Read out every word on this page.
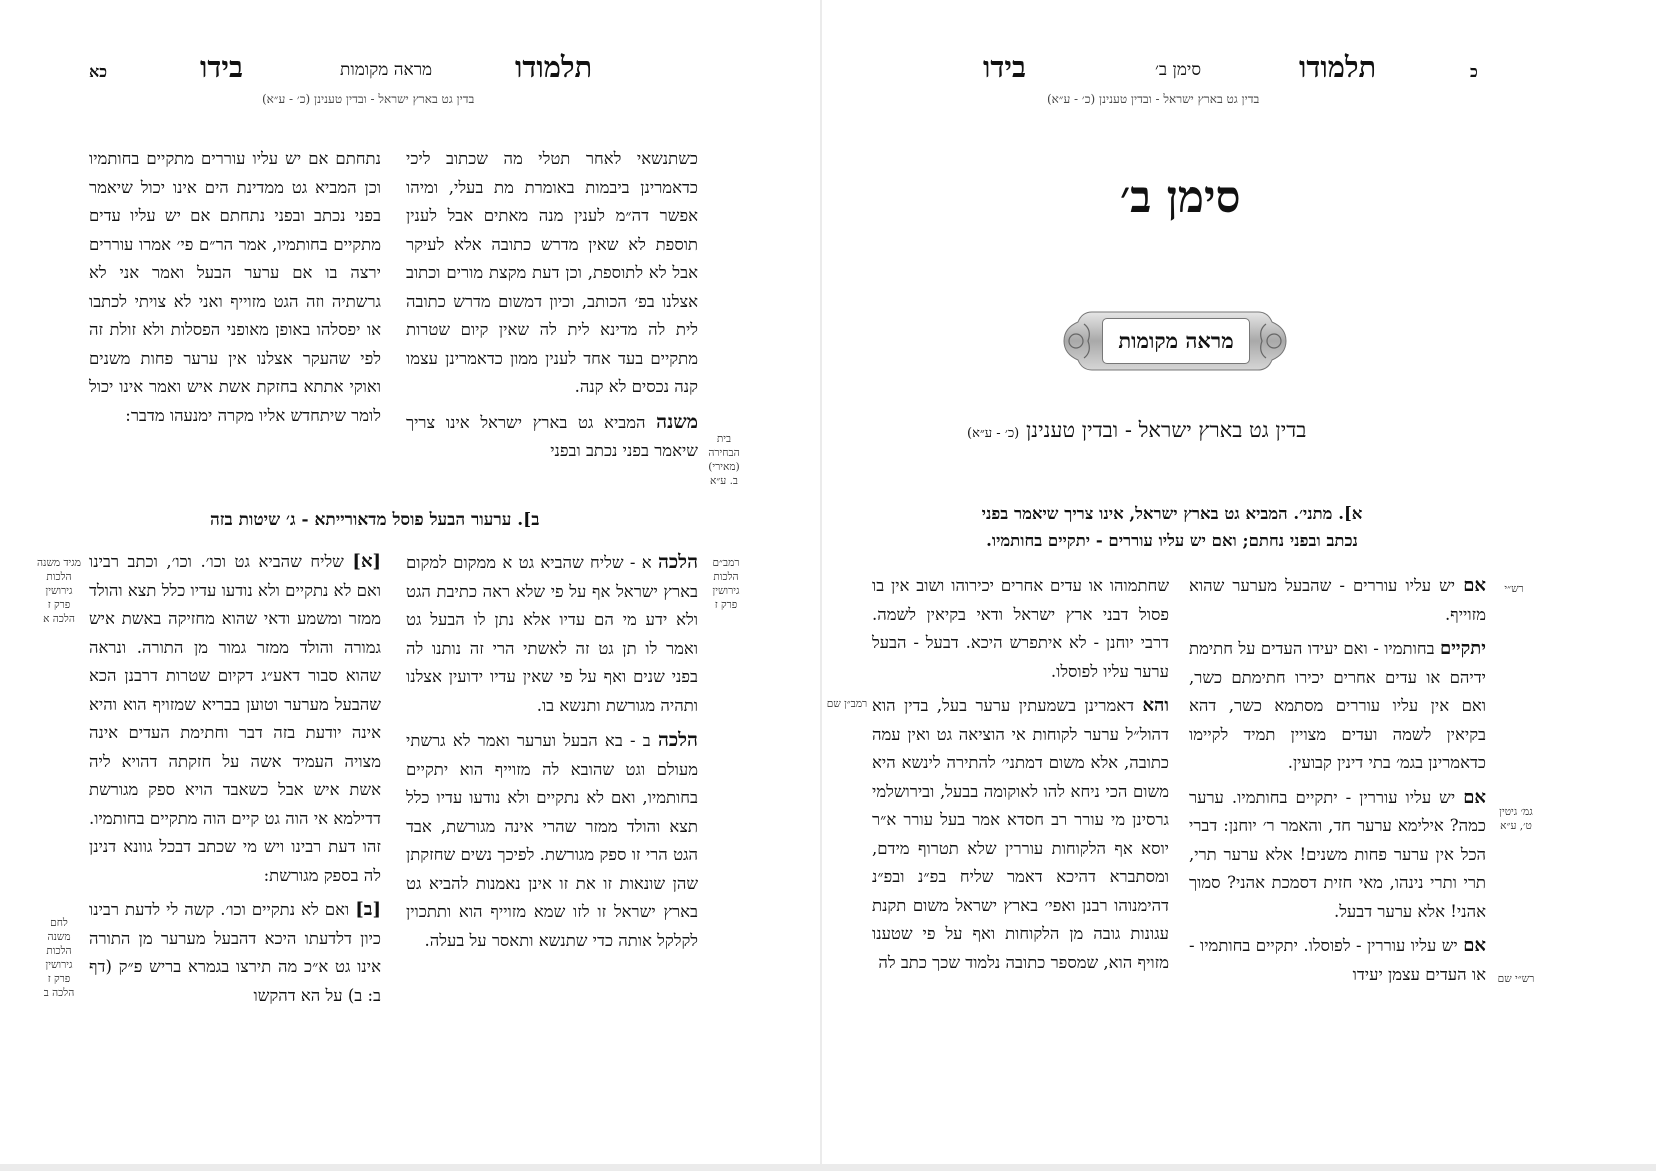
כא	בידו	מראה מקומות	תלמודו
בדין גט בארץ ישראל - ובדין טענינן (כ׳ - ע״א)

כשתנשאי לאחר תטלי מה שכתוב ליכי כדאמרינן ביבמות באומרת מת בעלי, ומיהו אפשר דה״מ לענין מנה מאתים אבל לענין תוספת לא שאין מדרש כתובה אלא לעיקר אבל לא לתוספת, וכן דעת מקצת מורים וכתוב אצלנו בפ׳ הכותב, וכיון דמשום מדרש כתובה לית לה מדינא לית לה שאין קיום שטרות מתקיים בעד אחד לענין ממון כדאמרינן עצמו קנה נכסים לא קנה.

משנה המביא גט בארץ ישראל אינו צריך שיאמר בפני נכתב ובפני

בית הבחירה (מאירי) ב. ע״א

נתחתם אם יש עליו עוררים מתקיים בחותמיו וכן המביא גט ממדינת הים אינו יכול שיאמר בפני נכתב ובפני נתחתם אם יש עליו עדים מתקיים בחותמיו, אמר הר״ם פי׳ אמרו עוררים ירצה בו אם ערער הבעל ואמר אני לא גרשתיה וזה הגט מזוייף ואני לא צויתי לכתבו או יפסלהו באופן מאופני הפסלות ולא זולת זה לפי שהעקר אצלנו אין ערער פחות משנים ואוקי אתתא בחזקת אשת איש ואמר אינו יכול לומר שיתחדש אליו מקרה ימנעהו מדבר:

ב]. ערעור הבעל פוסל מדאורייתא - ג׳ שיטות בזה
רמב״ם הלכות גירושין פרק ז

הלכה א - שליח שהביא גט א ממקום למקום בארץ ישראל אף על פי שלא ראה כתיבת הגט ולא ידע מי הם עדיו אלא נתן לו הבעל גט ואמר לו תן גט זה לאשתי הרי זה נותנו לה בפני שנים ואף על פי שאין עדיו ידועין אצלנו ותהיה מגורשת ותנשא בו.

הלכה ב - בא הבעל וערער ואמר לא גרשתי מעולם וגט שהובא לה מזוייף הוא יתקיים בחותמיו, ואם לא נתקיים ולא נודעו עדיו כלל תצא והולד ממזר שהרי אינה מגורשת, אבד הגט הרי זו ספק מגורשת. לפיכך נשים שחזקתן שהן שונאות זו את זו אינן נאמנות להביא גט בארץ ישראל זו לזו שמא מזוייף הוא ותתכוין לקלקל אותה כדי שתנשא ותאסר על בעלה.

מגיד משנה הלכות גירושין פרק ז הלכה א
לחם משנה הלכות גירושין פרק ז הלכה ב

[א] שליח שהביא גט וכו׳. וכו׳, וכתב רבינו ואם לא נתקיים ולא נודעו עדיו כלל תצא והולד ממזר ומשמע ודאי שהוא מחזיקה באשת איש גמורה והולד ממזר גמור מן התורה. ונראה שהוא סבור דאע״ג דקיום שטרות דרבנן הכא שהבעל מערער וטוען בבריא שמזויף הוא והיא אינה יודעת בזה דבר וחתימת העדים אינה מצויה העמיד אשה על חזקתה דהויא ליה אשת איש אבל כשאבד הויא ספק מגורשת דדילמא אי הוה גט קיים הוה מתקיים בחותמיו. זהו דעת רבינו ויש מי שכתב דבכל גוונא דנינן לה בספק מגורשת:

[ב] ואם לא נתקיים וכו׳. קשה לי לדעת רבינו כיון דלדעתו היכא דהבעל מערער מן התורה אינו גט א״כ מה תירצו בגמרא בריש פ״ק (דף ב: ב) על הא דהקשו

כ
תלמודו
סימן ב׳
בידו
בדין גט בארץ ישראל - ובדין טענינן (כ׳ - ע״א)
סימן ב׳
מראה מקומות
בדין גט בארץ ישראל - ובדין טענינן (כ׳ - ע״א)
א]. מתני׳. המביא גט בארץ ישראל, אינו צריך שיאמר בפני
נכתב ובפני נחתם; ואם יש עליו עוררים - יתקיים בחותמיו.
רש״י
גמ׳ גיטין ט׳, ע״א
רש״י שם

אם יש עליו עוררים - שהבעל מערער שהוא מזוייף.

יתקיים בחותמיו - ואם יעידו העדים על חתימת ידיהם או עדים אחרים יכירו חתימתם כשר, ואם אין עליו עוררים מסתמא כשר, דהא בקיאין לשמה ועדים מצויין תמיד לקיימו כדאמרינן בגמ׳ בתי דינין קבועין.

אם יש עליו עוררין - יתקיים בחותמיו. ערער כמה? אילימא ערער חד, והאמר ר׳ יוחנן: דברי הכל אין ערער פחות משנים! אלא ערער תרי, תרי ותרי נינהו, מאי חזית דסמכת אהני? סמוך אהני! אלא ערער דבעל.

אם יש עליו עוררין - לפוסלו. יתקיים בחותמיו - או העדים עצמן יעידו

רמב״ן שם

שחתמוהו או עדים אחרים יכירוהו ושוב אין בו פסול דבני ארץ ישראל ודאי בקיאין לשמה. דרבי יוחנן - לא איתפרש היכא. דבעל - הבעל ערער עליו לפוסלו.

והא דאמרינן בשמעתין ערער בעל, בדין הוא דהול״ל ערער לקוחות אי הוציאה גט ואין עמה כתובה, אלא משום דמתני׳ להתירה לינשא היא משום הכי ניחא להו לאוקומה בבעל, ובירושלמי גרסינן מי עורר רב חסדא אמר בעל עורר א״ר יוסא אף הלקוחות עוררין שלא תטרוף מידם, ומסתברא דהיכא דאמר שליח בפ״נ ובפ״נ דהימנוהו רבנן ואפי׳ בארץ ישראל משום תקנת עגונות גובה מן הלקוחות ואף על פי שטענו מזויף הוא, שמספר כתובה נלמוד שכך כתב לה
